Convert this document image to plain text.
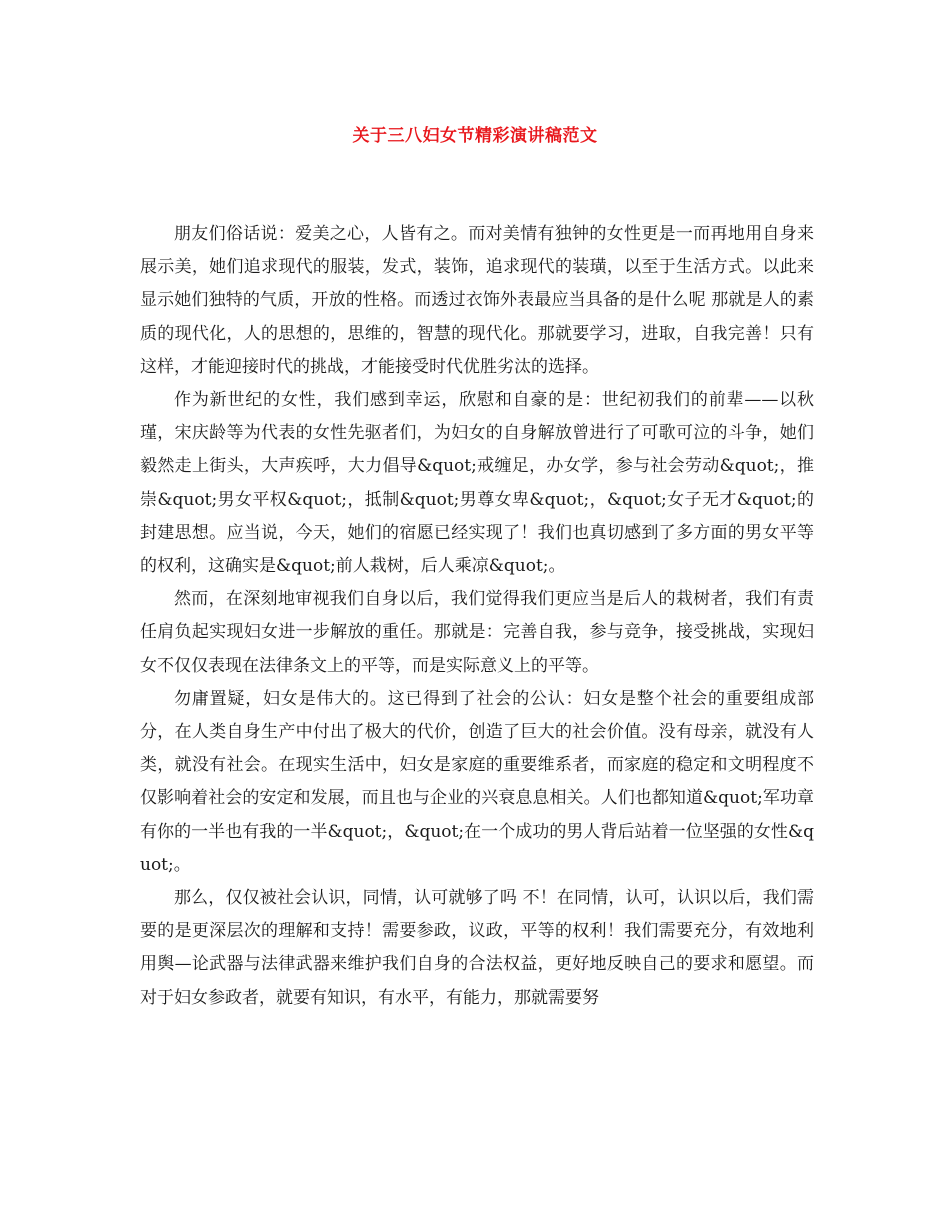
关于三八妇女节精彩演讲稿范文

朋友们俗话说：爱美之心，人皆有之。而对美情有独钟的女性更是一而再地用自身来展示美，她们追求现代的服装，发式，装饰，追求现代的装璜，以至于生活方式。以此来显示她们独特的气质，开放的性格。而透过衣饰外表最应当具备的是什么呢 那就是人的素质的现代化，人的思想的，思维的，智慧的现代化。那就要学习，进取，自我完善！只有这样，才能迎接时代的挑战，才能接受时代优胜劣汰的选择。

作为新世纪的女性，我们感到幸运，欣慰和自豪的是：世纪初我们的前辈——以秋瑾，宋庆龄等为代表的女性先驱者们，为妇女的自身解放曾进行了可歌可泣的斗争，她们毅然走上街头，大声疾呼，大力倡导&quot;戒缠足，办女学，参与社会劳动&quot;，推崇&quot;男女平权&quot;，抵制&quot;男尊女卑&quot;，&quot;女子无才&quot;的封建思想。应当说，今天，她们的宿愿已经实现了！我们也真切感到了多方面的男女平等的权利，这确实是&quot;前人栽树，后人乘凉&quot;。

然而，在深刻地审视我们自身以后，我们觉得我们更应当是后人的栽树者，我们有责任肩负起实现妇女进一步解放的重任。那就是：完善自我，参与竞争，接受挑战，实现妇女不仅仅表现在法律条文上的平等，而是实际意义上的平等。

勿庸置疑，妇女是伟大的。这已得到了社会的公认：妇女是整个社会的重要组成部分，在人类自身生产中付出了极大的代价，创造了巨大的社会价值。没有母亲，就没有人类，就没有社会。在现实生活中，妇女是家庭的重要维系者，而家庭的稳定和文明程度不仅影响着社会的安定和发展，而且也与企业的兴衰息息相关。人们也都知道&quot;军功章有你的一半也有我的一半&quot;，&quot;在一个成功的男人背后站着一位坚强的女性&quot;。

那么，仅仅被社会认识，同情，认可就够了吗 不！在同情，认可，认识以后，我们需要的是更深层次的理解和支持！需要参政，议政，平等的权利！我们需要充分，有效地利用舆—论武器与法律武器来维护我们自身的合法权益，更好地反映自己的要求和愿望。而对于妇女参政者，就要有知识，有水平，有能力，那就需要努
